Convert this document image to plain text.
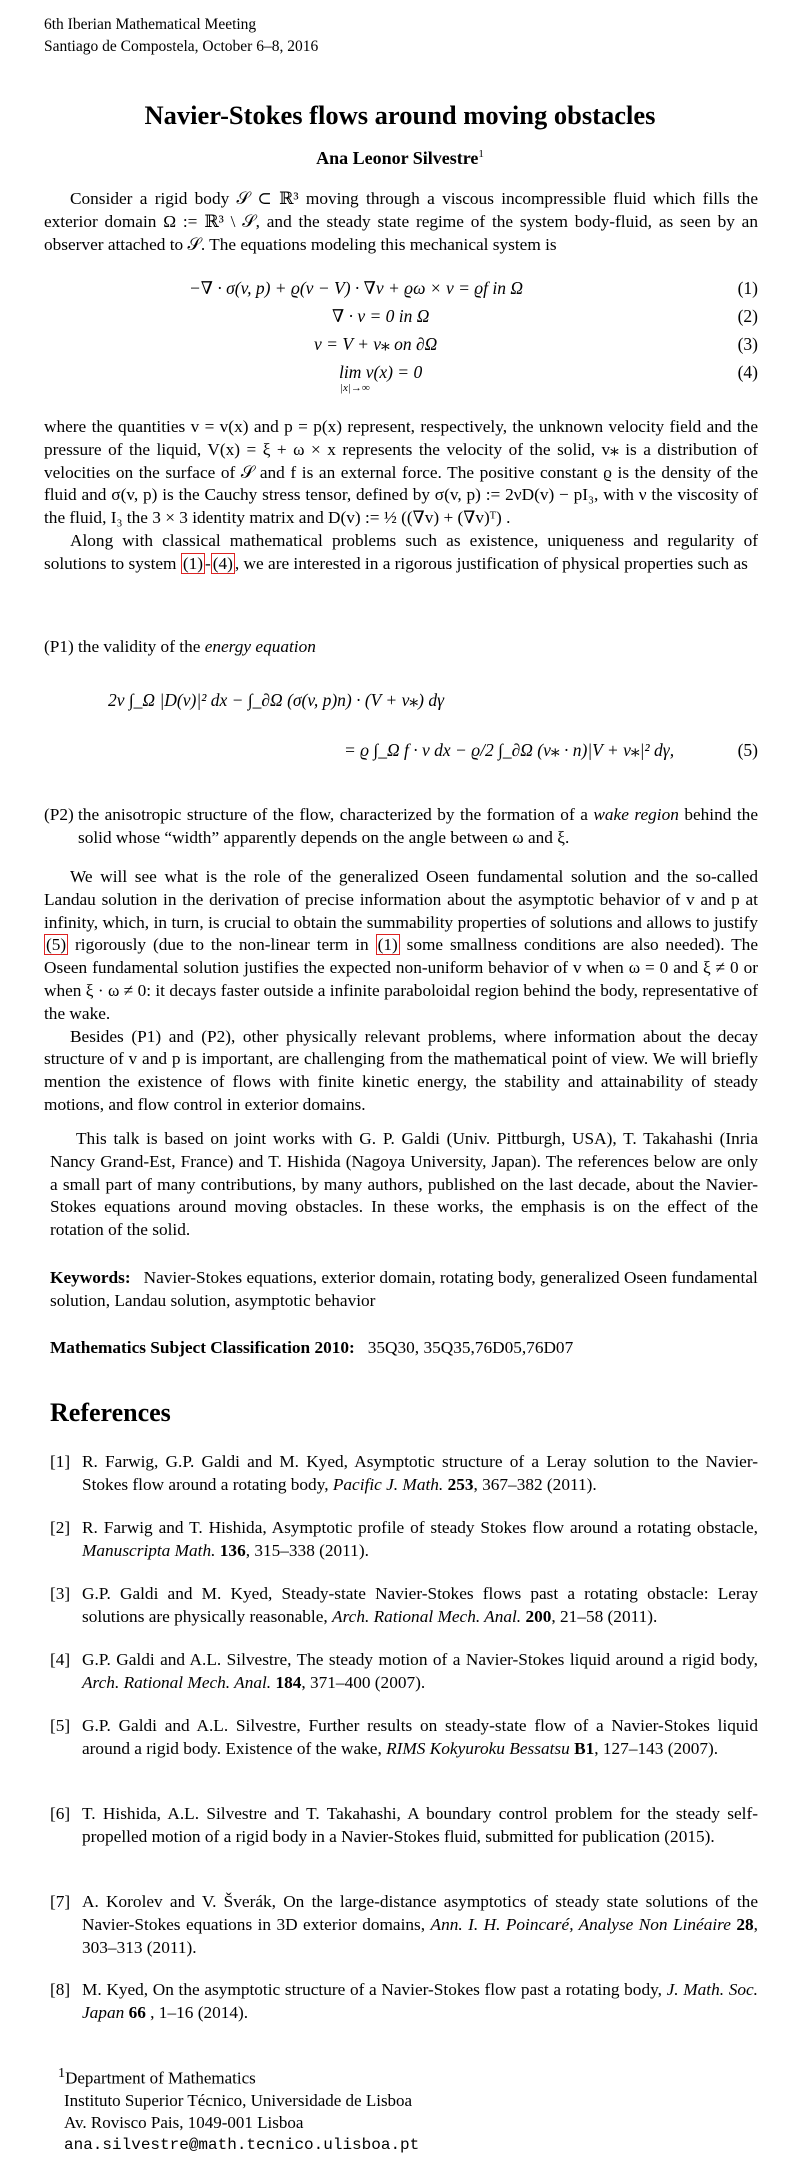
6th Iberian Mathematical Meeting
Santiago de Compostela, October 6–8, 2016
Navier-Stokes flows around moving obstacles
Ana Leonor Silvestre$^1$

Consider a rigid body 𝒮 ⊂ ℝ³ moving through a viscous incompressible fluid which fills the exterior domain Ω := ℝ³ \ 𝒮, and the steady state regime of the system body-fluid, as seen by an observer attached to 𝒮. The equations modeling this mechanical system is

−∇ · σ(v, p) + ϱ(v − V) · ∇v + ϱω × v = ϱf in Ω	(1)
∇ · v = 0 in Ω	(2)
v = V + v⁎ on ∂Ω	(3)
lim v(x) = 0
|x|→∞
(4)

where the quantities v = v(x) and p = p(x) represent, respectively, the unknown velocity field and the pressure of the liquid, V(x) = ξ + ω × x represents the velocity of the solid, v⁎ is a distribution of velocities on the surface of 𝒮 and f is an external force. The positive constant ϱ is the density of the fluid and σ(v, p) is the Cauchy stress tensor, defined by σ(v, p) := 2νD(v) − pI₃, with ν the viscosity of the fluid, I₃ the 3 × 3 identity matrix and D(v) := ½ ((∇v) + (∇v)ᵀ) .

Along with classical mathematical problems such as existence, uniqueness and regularity of solutions to system (1) - (4) , we are interested in a rigorous justification of physical properties such as

(P1) the validity of the energy equation
2ν ∫_Ω |D(v)|² dx − ∫_∂Ω (σ(v, p)n) · (V + v⁎) dγ
= ϱ ∫_Ω f · v dx − ϱ/2 ∫_∂Ω (v⁎ · n)|V + v⁎|² dγ,	(5)
(P2) the anisotropic structure of the flow, characterized by the formation of a wake region behind the solid whose “width” apparently depends on the angle between ω and ξ.

We will see what is the role of the generalized Oseen fundamental solution and the so-called Landau solution in the derivation of precise information about the asymptotic behavior of v and p at infinity, which, in turn, is crucial to obtain the summability properties of solutions and allows to justify (5) rigorously (due to the non-linear term in (1) some smallness conditions are also needed). The Oseen fundamental solution justifies the expected non-uniform behavior of v when ω = 0 and ξ ≠ 0 or when ξ · ω ≠ 0: it decays faster outside a infinite paraboloidal region behind the body, representative of the wake.

Besides (P1) and (P2), other physically relevant problems, where information about the decay structure of v and p is important, are challenging from the mathematical point of view. We will briefly mention the existence of flows with finite kinetic energy, the stability and attainability of steady motions, and flow control in exterior domains.

This talk is based on joint works with G. P. Galdi (Univ. Pittburgh, USA), T. Takahashi (Inria Nancy Grand-Est, France) and T. Hishida (Nagoya University, Japan). The references below are only a small part of many contributions, by many authors, published on the last decade, about the Navier-Stokes equations around moving obstacles. In these works, the emphasis is on the effect of the rotation of the solid.

Keywords: Navier-Stokes equations, exterior domain, rotating body, generalized Oseen fundamental solution, Landau solution, asymptotic behavior
Mathematics Subject Classification 2010: 35Q30, 35Q35,76D05,76D07
References
[1] R. Farwig, G.P. Galdi and M. Kyed, Asymptotic structure of a Leray solution to the Navier-Stokes flow around a rotating body, Pacific J. Math. 253, 367–382 (2011).
[2] R. Farwig and T. Hishida, Asymptotic profile of steady Stokes flow around a rotating obstacle, Manuscripta Math. 136, 315–338 (2011).
[3] G.P. Galdi and M. Kyed, Steady-state Navier-Stokes flows past a rotating obstacle: Leray solutions are physically reasonable, Arch. Rational Mech. Anal. 200, 21–58 (2011).
[4] G.P. Galdi and A.L. Silvestre, The steady motion of a Navier-Stokes liquid around a rigid body, Arch. Rational Mech. Anal. 184, 371–400 (2007).
[5] G.P. Galdi and A.L. Silvestre, Further results on steady-state flow of a Navier-Stokes liquid around a rigid body. Existence of the wake, RIMS Kokyuroku Bessatsu B1, 127–143 (2007).
[6] T. Hishida, A.L. Silvestre and T. Takahashi, A boundary control problem for the steady self-propelled motion of a rigid body in a Navier-Stokes fluid, submitted for publication (2015).
[7] A. Korolev and V. Šverák, On the large-distance asymptotics of steady state solutions of the Navier-Stokes equations in 3D exterior domains, Ann. I. H. Poincaré, Analyse Non Linéaire 28, 303–313 (2011).
[8] M. Kyed, On the asymptotic structure of a Navier-Stokes flow past a rotating body, J. Math. Soc. Japan 66 , 1–16 (2014).
$^1$Department of Mathematics
Instituto Superior Técnico, Universidade de Lisboa
Av. Rovisco Pais, 1049-001 Lisboa
ana.silvestre@math.tecnico.ulisboa.pt
